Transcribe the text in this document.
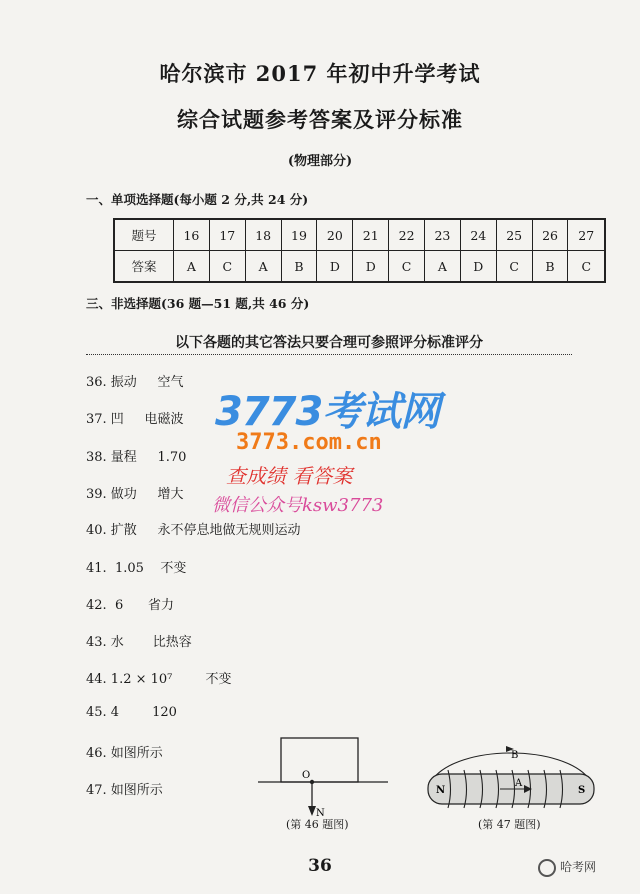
哈尔滨市 2017 年初中升学考试
综合试题参考答案及评分标准
(物理部分)
一、单项选择题(每小题 2 分,共 24 分)
题号	16	17	18	19	20	21	22	23	24	25	26	27
答案	A	C	A	B	D	D	C	A	D	C	B	C
三、非选择题(36 题—51 题,共 46 分)
以下各题的其它答法只要合理可参照评分标准评分
36. 振动     空气
37. 凹     电磁波
38. 量程     1.70
39. 做功     增大
40. 扩散     永不停息地做无规则运动
41.  1.05    不变
42.  6      省力
43. 水       比热容
44. 1.2 × 10⁷        不变
45. 4        120
46. 如图所示
47. 如图所示
3773考试网
3773.com.cn
查成绩 看答案
微信公众号ksw3773
O
N
(第 46 题图)
N	S
B
A
(第 47 题图)
36	哈考网
